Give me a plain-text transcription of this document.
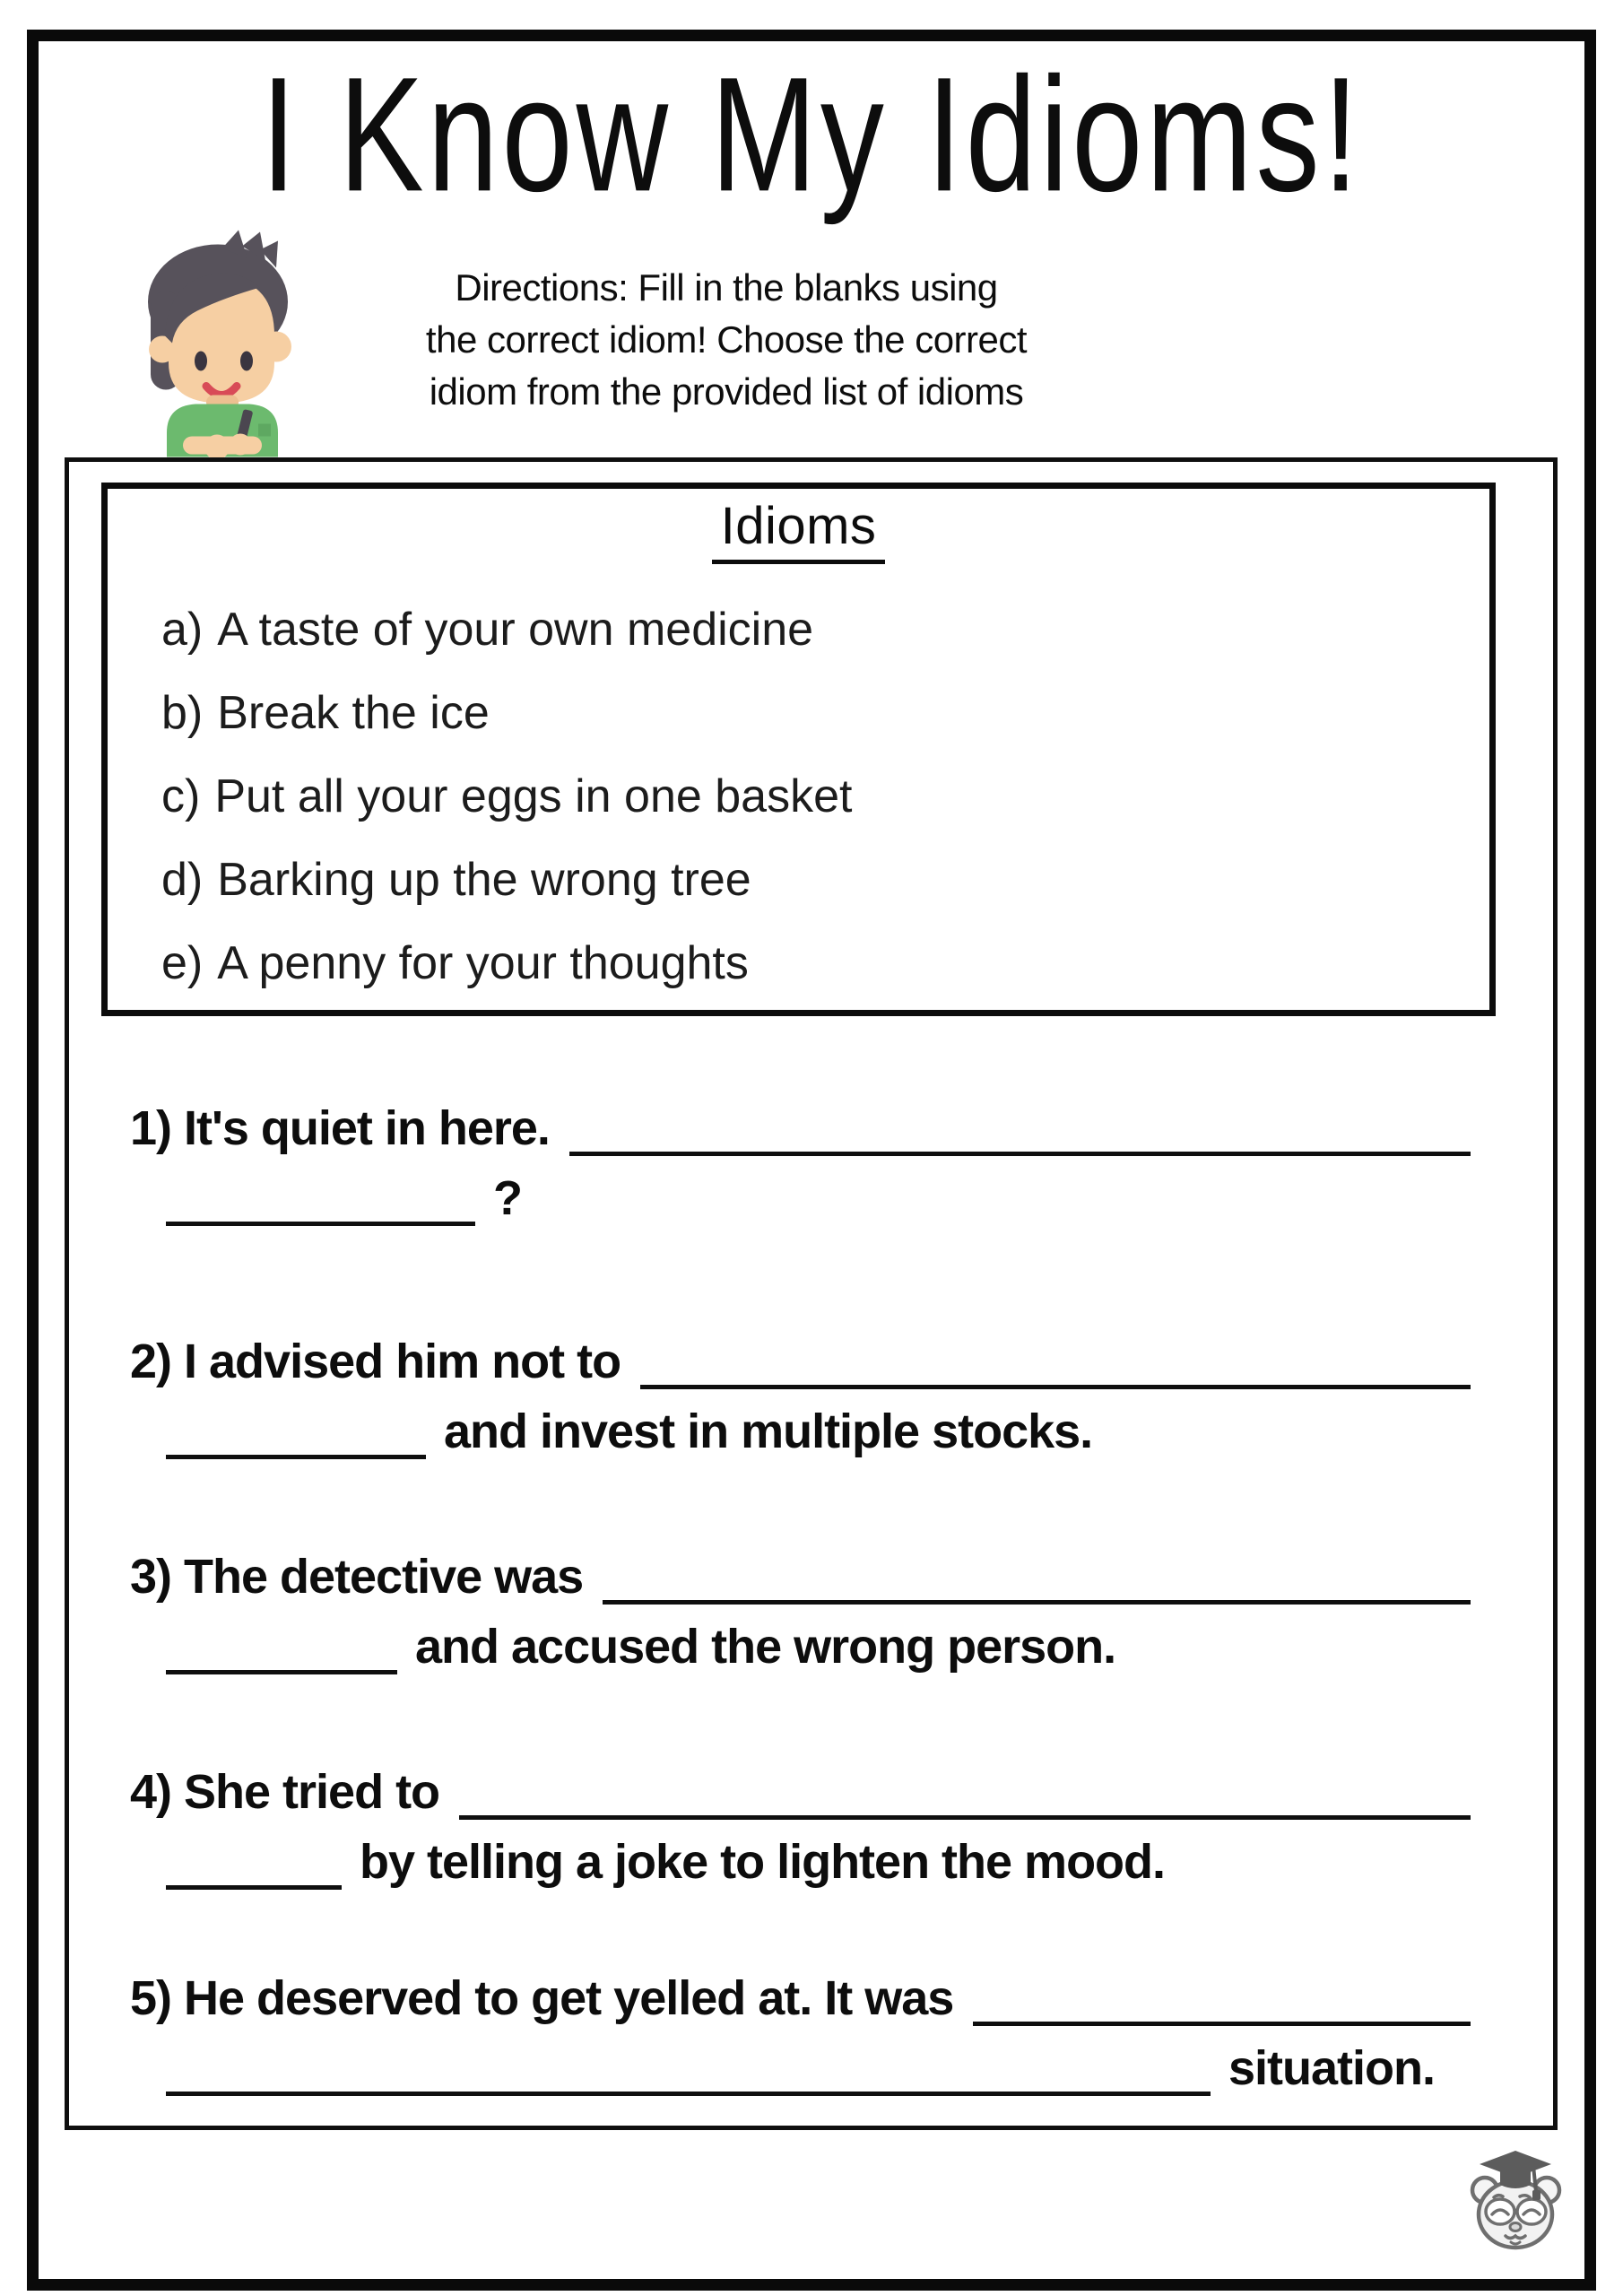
I Know My Idioms!
Directions: Fill in the blanks using
the correct idiom! Choose the correct
idiom from the provided list of idioms
1) It's quiet in here.
?
2) I advised him not to
and invest in multiple stocks.
3) The detective was
and accused the wrong person.
4) She tried to
by telling a joke to lighten the mood.
5) He deserved to get yelled at. It was
situation.
Idioms
a) A taste of your own medicine
b) Break the ice
c) Put all your eggs in one basket
d) Barking up the wrong tree
e) A penny for your thoughts
